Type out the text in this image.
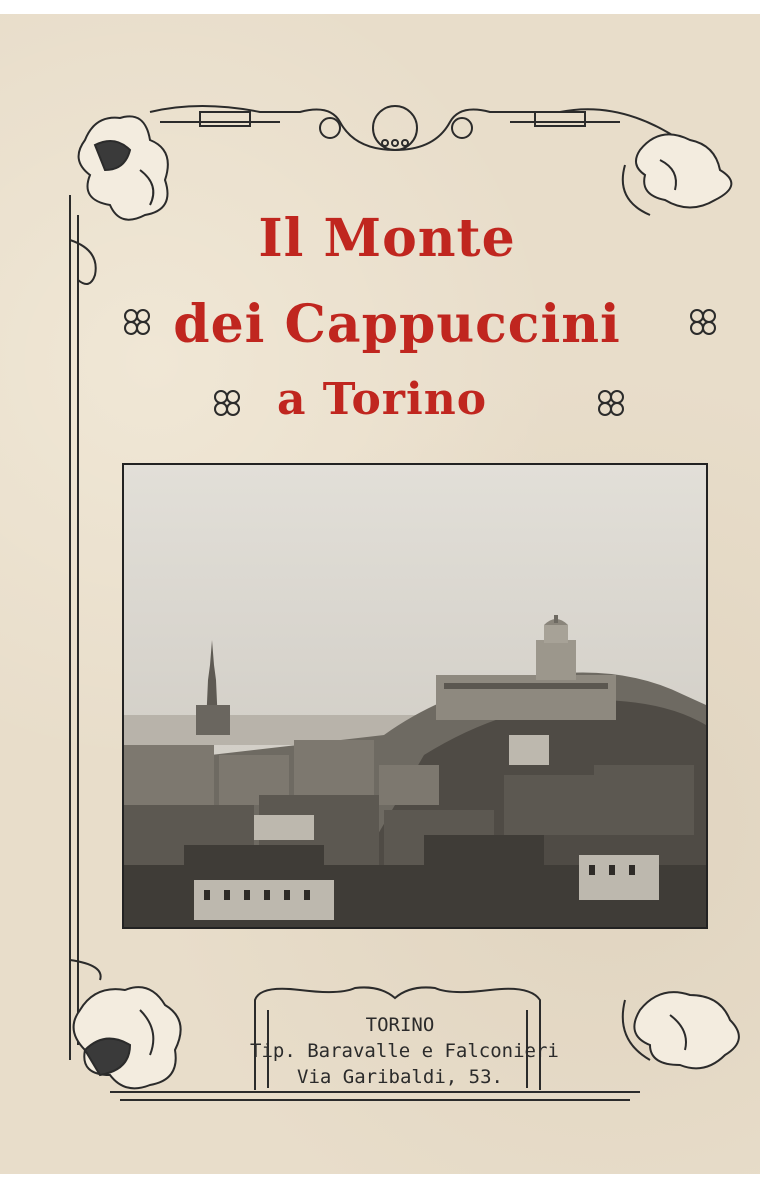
Il Monte
dei Cappuccini
a Torino
TORINO
Tip. Baravalle e Falconieri
Via Garibaldi, 53.
